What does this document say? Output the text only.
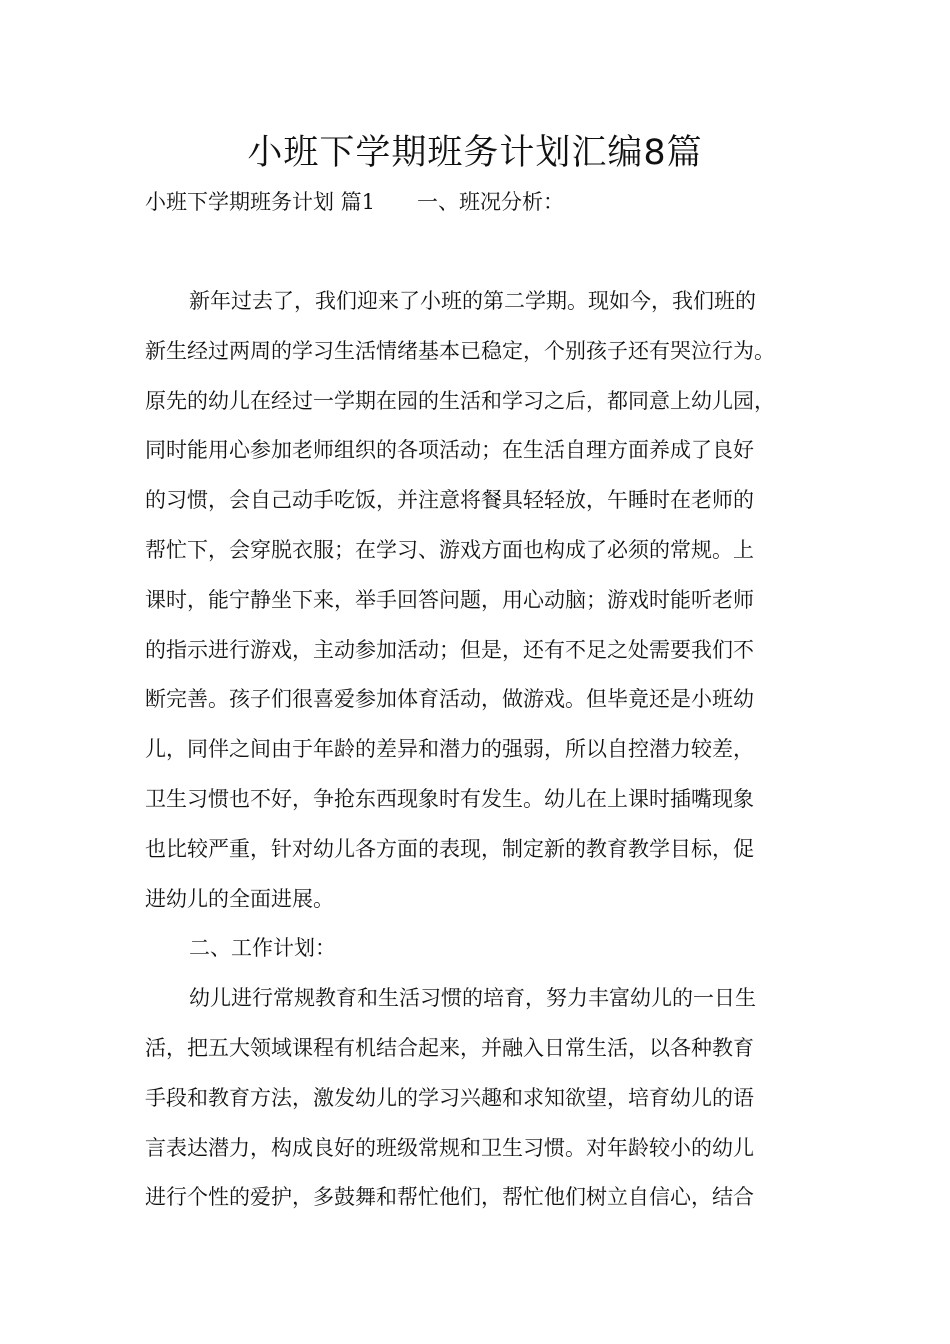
小班下学期班务计划汇编8篇
小班下学期班务计划 篇1 一、班况分析：
新年过去了，我们迎来了小班的第二学期。现如今，我们班的
新生经过两周的学习生活情绪基本已稳定，个别孩子还有哭泣行为。
原先的幼儿在经过一学期在园的生活和学习之后，都同意上幼儿园，
同时能用心参加老师组织的各项活动；在生活自理方面养成了良好
的习惯，会自己动手吃饭，并注意将餐具轻轻放，午睡时在老师的
帮忙下，会穿脱衣服；在学习、游戏方面也构成了必须的常规。上
课时，能宁静坐下来，举手回答问题，用心动脑；游戏时能听老师
的指示进行游戏，主动参加活动；但是，还有不足之处需要我们不
断完善。孩子们很喜爱参加体育活动，做游戏。但毕竟还是小班幼
儿，同伴之间由于年龄的差异和潜力的强弱，所以自控潜力较差，
卫生习惯也不好，争抢东西现象时有发生。幼儿在上课时插嘴现象
也比较严重，针对幼儿各方面的表现，制定新的教育教学目标，促
进幼儿的全面进展。
二、工作计划：
幼儿进行常规教育和生活习惯的培育，努力丰富幼儿的一日生
活，把五大领域课程有机结合起来，并融入日常生活，以各种教育
手段和教育方法，激发幼儿的学习兴趣和求知欲望，培育幼儿的语
言表达潜力，构成良好的班级常规和卫生习惯。对年龄较小的幼儿
进行个性的爱护，多鼓舞和帮忙他们，帮忙他们树立自信心，结合
